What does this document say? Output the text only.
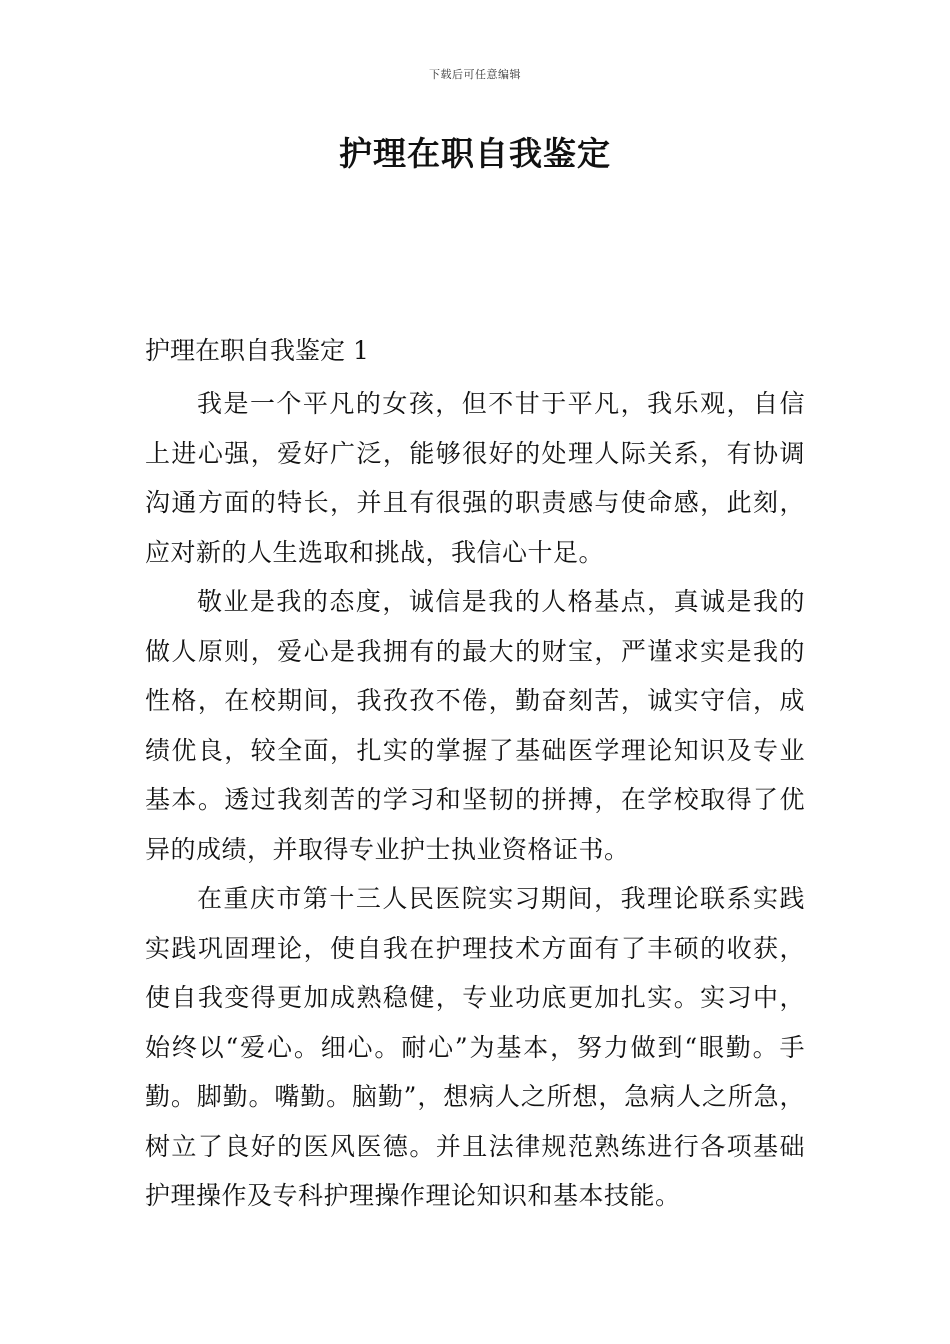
下载后可任意编辑
护理在职自我鉴定

护理在职自我鉴定 1

我是一个平凡的女孩，但不甘于平凡，我乐观，自信上进心强，爱好广泛，能够很好的处理人际关系，有协调沟通方面的特长，并且有很强的职责感与使命感，此刻，应对新的人生选取和挑战，我信心十足。

敬业是我的态度，诚信是我的人格基点，真诚是我的做人原则，爱心是我拥有的最大的财宝，严谨求实是我的性格，在校期间，我孜孜不倦，勤奋刻苦，诚实守信，成绩优良，较全面，扎实的掌握了基础医学理论知识及专业基本。透过我刻苦的学习和坚韧的拼搏，在学校取得了优异的成绩，并取得专业护士执业资格证书。

在重庆市第十三人民医院实习期间，我理论联系实践实践巩固理论，使自我在护理技术方面有了丰硕的收获，使自我变得更加成熟稳健，专业功底更加扎实。实习中，始终以“爱心。细心。耐心”为基本，努力做到“眼勤。手勤。脚勤。嘴勤。脑勤”，想病人之所想，急病人之所急，树立了良好的医风医德。并且法律规范熟练进行各项基础护理操作及专科护理操作理论知识和基本技能。
